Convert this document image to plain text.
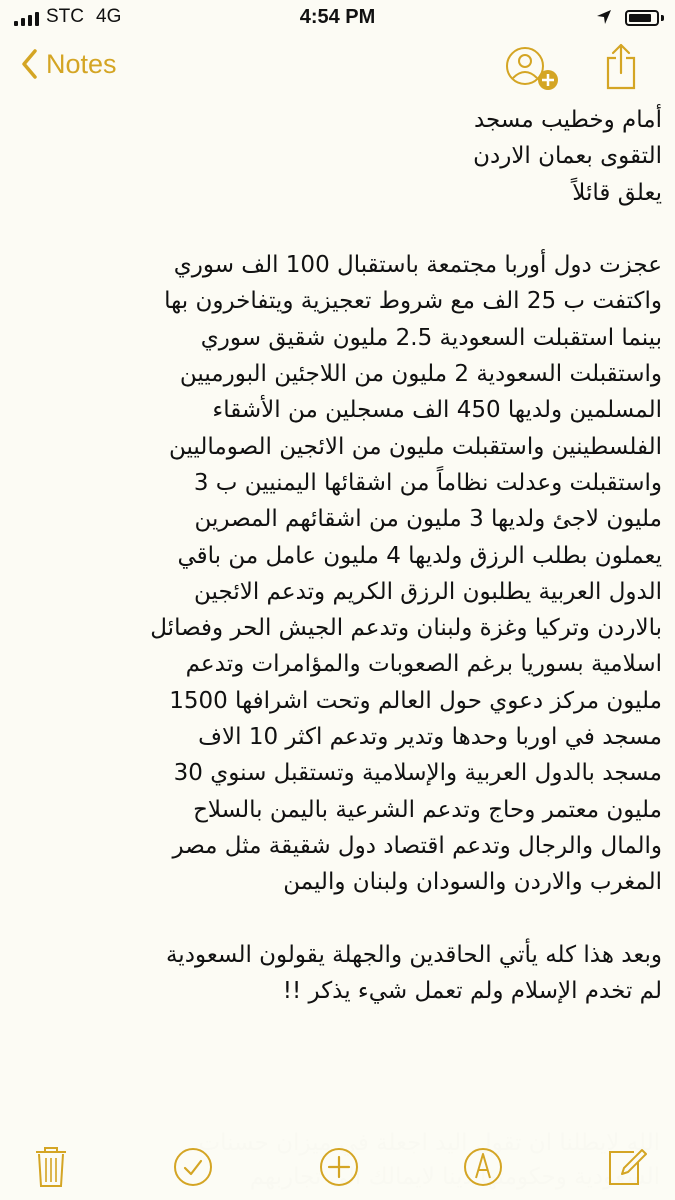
STC 4G	4:54 PM
Notes
أمام وخطيب مسجد
التقوى بعمان الاردن
يعلق قائلاً
عجزت دول أوربا مجتمعة باستقبال 100 الف سوري
واكتفت ب 25 الف مع شروط تعجيزية ويتفاخرون بها
بينما استقبلت السعودية 2.5 مليون شقيق سوري
واستقبلت السعودية 2 مليون من اللاجئين البورميين
المسلمين ولديها 450 الف مسجلين من الأشقاء
الفلسطينين واستقبلت مليون من الائجين الصوماليين
واستقبلت وعدلت نظاماً من اشقائها اليمنيين ب 3
مليون لاجئ ولديها 3 مليون من اشقائهم المصرين
يعملون بطلب الرزق ولديها 4 مليون عامل من باقي
الدول العربية يطلبون الرزق الكريم وتدعم الائجين
بالاردن وتركيا وغزة ولبنان وتدعم الجيش الحر وفصائل
اسلامية بسوريا برغم الصعوبات والمؤامرات وتدعم
مليون مركز دعوي حول العالم وتحت اشرافها 1500
مسجد في اوربا وحدها وتدير وتدعم اكثر 10 الاف
مسجد بالدول العربية والإسلامية وتستقبل سنوي 30
مليون معتمر وحاج وتدعم الشرعية باليمن بالسلاح
والمال والرجال وتدعم اقتصاد دول شقيقة مثل مصر
المغرب والاردن والسودان ولبنان واليمن
وبعد هذا كله يأتي الحاقدين والجهلة يقولون السعودية
لم تخدم الإسلام ولم تعمل شيء يذكر !!
